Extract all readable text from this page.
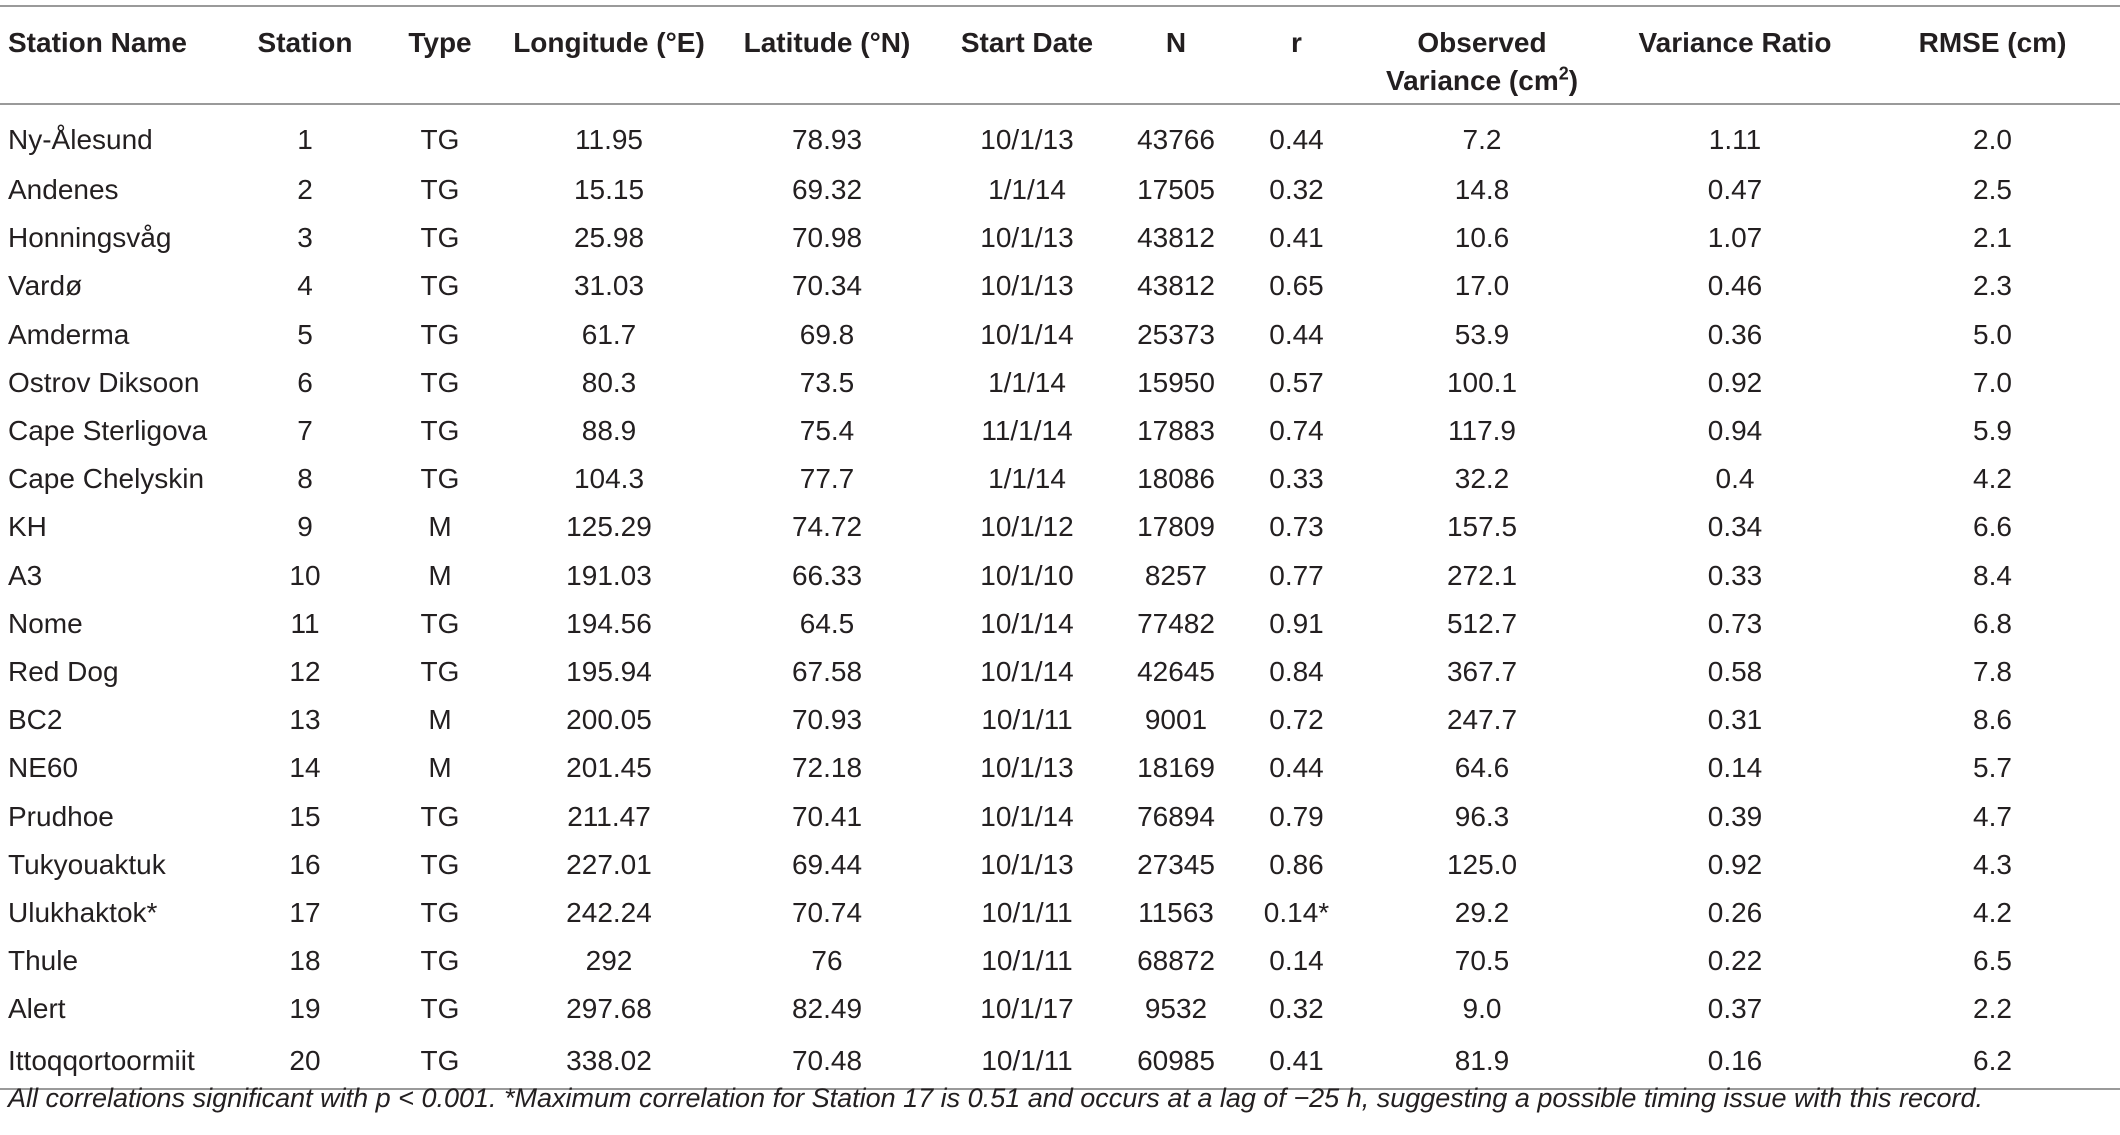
Station Name	Station	Type	Longitude (°E)	Latitude (°N)	Start Date	N	r	Observed Variance $(cm^2)$	Variance Ratio	RMSE (cm)
Ny-Ålesund	1	TG	11.95	78.93	10/1/13	43766	0.44	7.2	1.11	2.0
Andenes	2	TG	15.15	69.32	1/1/14	17505	0.32	14.8	0.47	2.5
Honningsvåg	3	TG	25.98	70.98	10/1/13	43812	0.41	10.6	1.07	2.1
Vardø	4	TG	31.03	70.34	10/1/13	43812	0.65	17.0	0.46	2.3
Amderma	5	TG	61.7	69.8	10/1/14	25373	0.44	53.9	0.36	5.0
Ostrov Diksoon	6	TG	80.3	73.5	1/1/14	15950	0.57	100.1	0.92	7.0
Cape Sterligova	7	TG	88.9	75.4	11/1/14	17883	0.74	117.9	0.94	5.9
Cape Chelyskin	8	TG	104.3	77.7	1/1/14	18086	0.33	32.2	0.4	4.2
KH	9	M	125.29	74.72	10/1/12	17809	0.73	157.5	0.34	6.6
A3	10	M	191.03	66.33	10/1/10	8257	0.77	272.1	0.33	8.4
Nome	11	TG	194.56	64.5	10/1/14	77482	0.91	512.7	0.73	6.8
Red Dog	12	TG	195.94	67.58	10/1/14	42645	0.84	367.7	0.58	7.8
BC2	13	M	200.05	70.93	10/1/11	9001	0.72	247.7	0.31	8.6
NE60	14	M	201.45	72.18	10/1/13	18169	0.44	64.6	0.14	5.7
Prudhoe	15	TG	211.47	70.41	10/1/14	76894	0.79	96.3	0.39	4.7
Tukyouaktuk	16	TG	227.01	69.44	10/1/13	27345	0.86	125.0	0.92	4.3
Ulukhaktok*	17	TG	242.24	70.74	10/1/11	11563	0.14*	29.2	0.26	4.2
Thule	18	TG	292	76	10/1/11	68872	0.14	70.5	0.22	6.5
Alert	19	TG	297.68	82.49	10/1/17	9532	0.32	9.0	0.37	2.2
Ittoqqortoormiit	20	TG	338.02	70.48	10/1/11	60985	0.41	81.9	0.16	6.2
All correlations significant with p < 0.001. *Maximum correlation for Station 17 is 0.51 and occurs at a lag of −25 h, suggesting a possible timing issue with this record.
